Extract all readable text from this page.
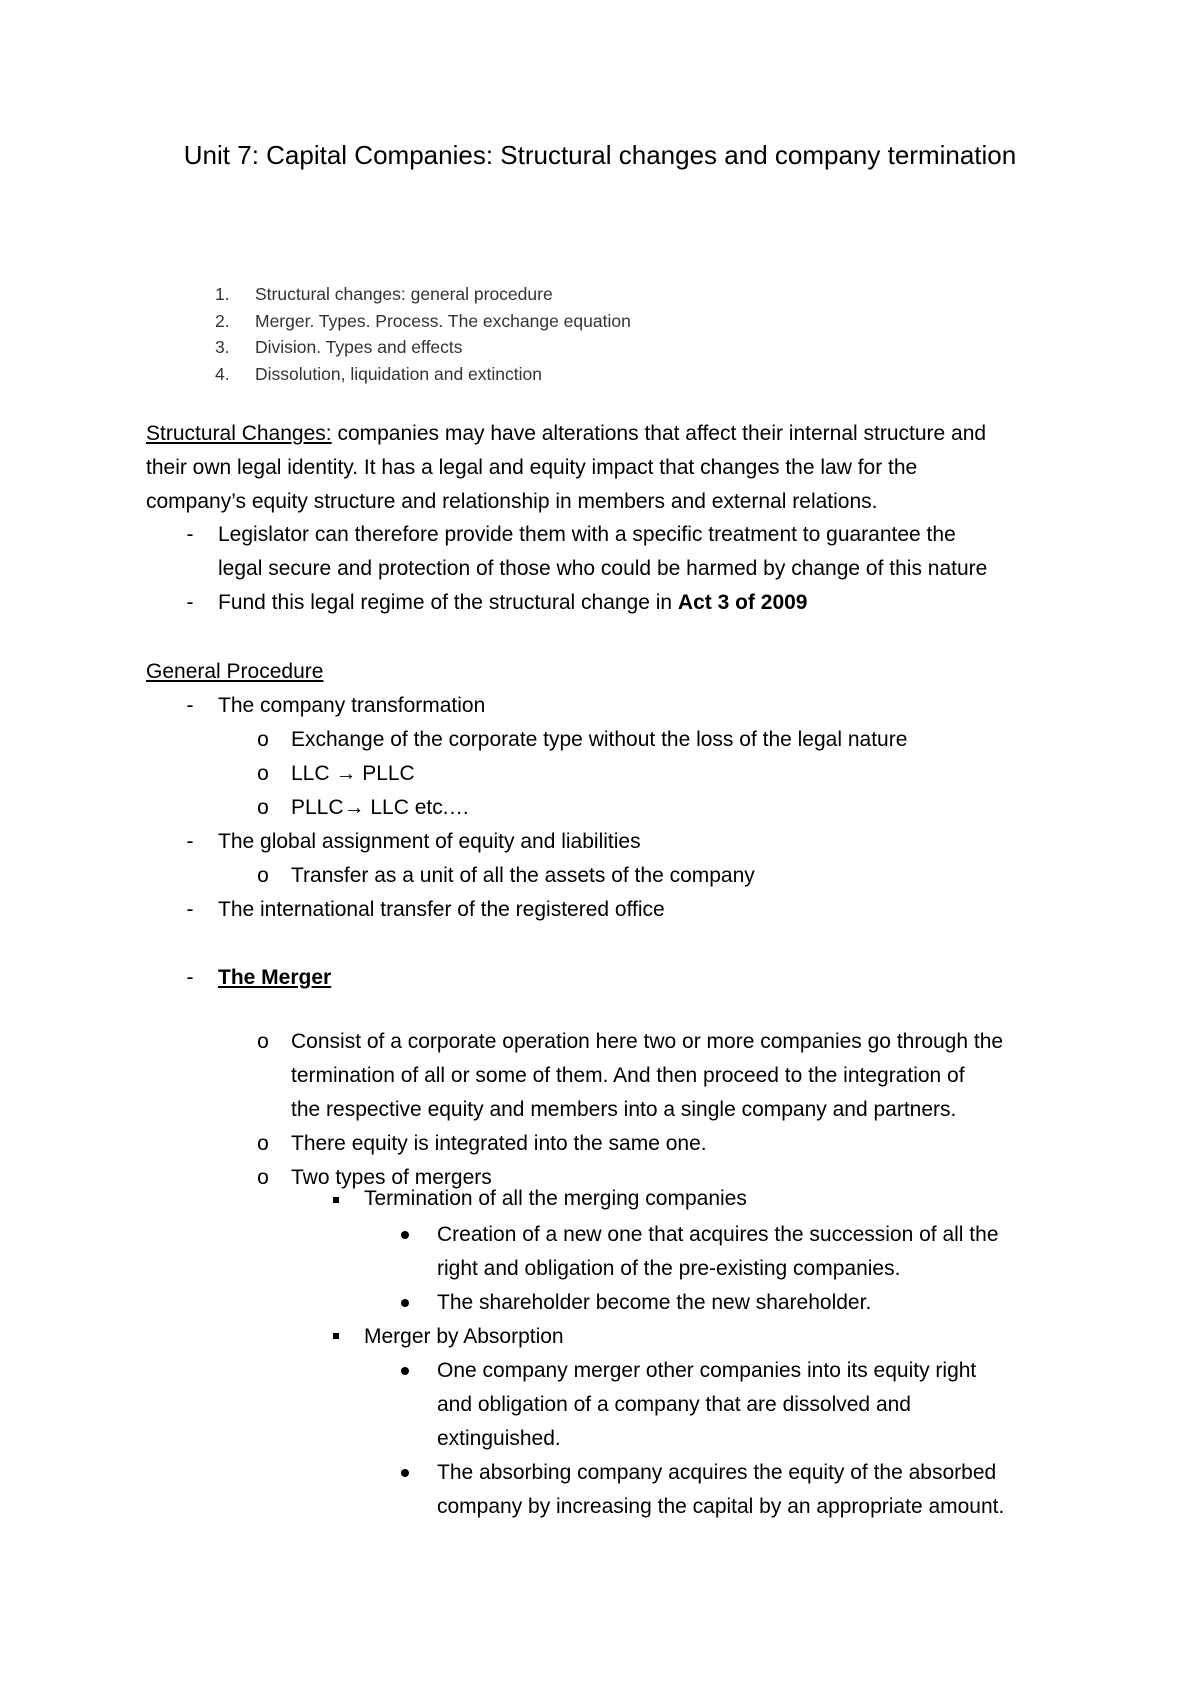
Unit 7: Capital Companies: Structural changes and company termination
1. Structural changes: general procedure
2. Merger. Types. Process. The exchange equation
3. Division. Types and effects
4. Dissolution, liquidation and extinction
Structural Changes: companies may have alterations that affect their internal structure and
their own legal identity. It has a legal and equity impact that changes the law for the
company’s equity structure and relationship in members and external relations.
-	Legislator can therefore provide them with a specific treatment to guarantee the
legal secure and protection of those who could be harmed by change of this nature
-	Fund this legal regime of the structural change in Act 3 of 2009
General Procedure
-	The company transformation
o Exchange of the corporate type without the loss of the legal nature
o LLC → PLLC
o PLLC→ LLC etc.…
-	The global assignment of equity and liabilities
o Transfer as a unit of all the assets of the company
-	The international transfer of the registered office
-	The Merger
o Consist of a corporate operation here two or more companies go through the
termination of all or some of them. And then proceed to the integration of
the respective equity and members into a single company and partners.
o There equity is integrated into the same one.
o Two types of mergers
Termination of all the merging companies
Creation of a new one that acquires the succession of all the
right and obligation of the pre-existing companies.
The shareholder become the new shareholder.
Merger by Absorption
One company merger other companies into its equity right
and obligation of a company that are dissolved and
extinguished.
The absorbing company acquires the equity of the absorbed
company by increasing the capital by an appropriate amount.
